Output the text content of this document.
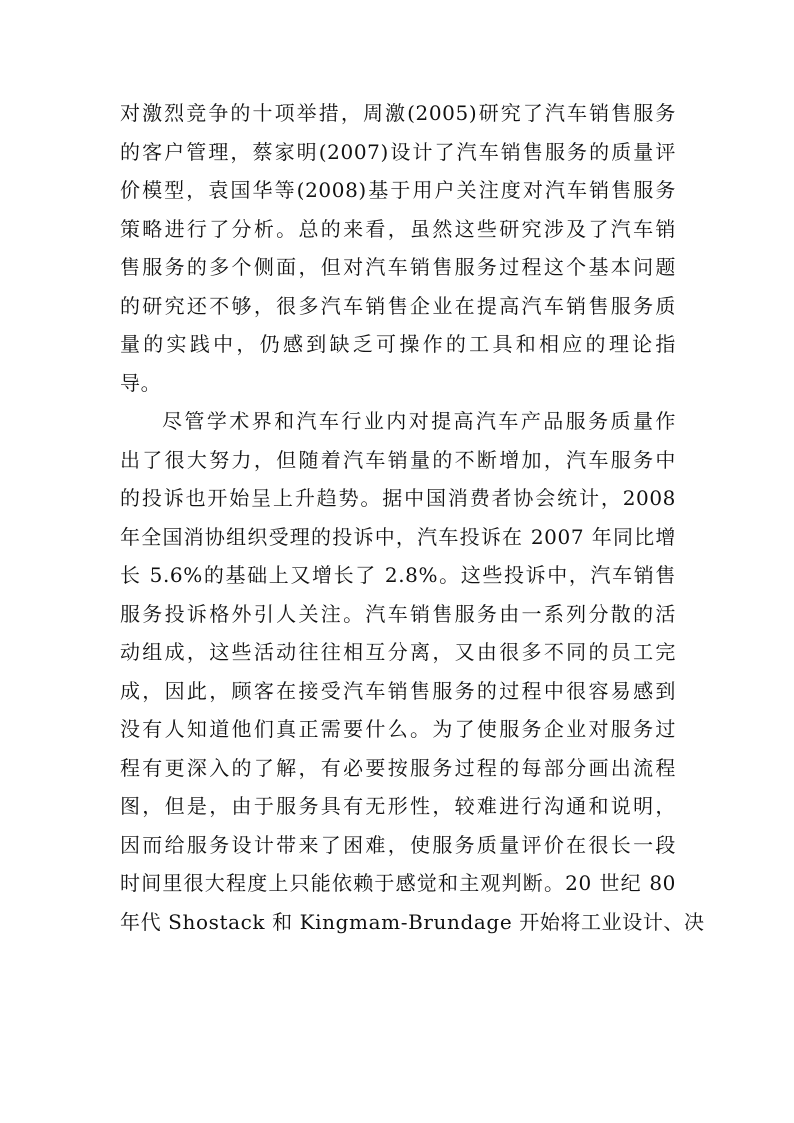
对激烈竞争的十项举措，周激(2005)研究了汽车销售服务
的客户管理，蔡家明(2007)设计了汽车销售服务的质量评
价模型，袁国华等(2008)基于用户关注度对汽车销售服务
策略进行了分析。总的来看，虽然这些研究涉及了汽车销
售服务的多个侧面，但对汽车销售服务过程这个基本问题
的研究还不够，很多汽车销售企业在提高汽车销售服务质
量的实践中，仍感到缺乏可操作的工具和相应的理论指
导。
尽管学术界和汽车行业内对提高汽车产品服务质量作
出了很大努力，但随着汽车销量的不断增加，汽车服务中
的投诉也开始呈上升趋势。据中国消费者协会统计，2008
年全国消协组织受理的投诉中，汽车投诉在 2007 年同比增
长 5.6%的基础上又增长了 2.8%。这些投诉中，汽车销售
服务投诉格外引人关注。汽车销售服务由一系列分散的活
动组成，这些活动往往相互分离，又由很多不同的员工完
成，因此，顾客在接受汽车销售服务的过程中很容易感到
没有人知道他们真正需要什么。为了使服务企业对服务过
程有更深入的了解，有必要按服务过程的每部分画出流程
图，但是，由于服务具有无形性，较难进行沟通和说明，
因而给服务设计带来了困难，使服务质量评价在很长一段
时间里很大程度上只能依赖于感觉和主观判断。20 世纪 80
年代 Shostack 和 Kingmam-Brundage 开始将工业设计、决
